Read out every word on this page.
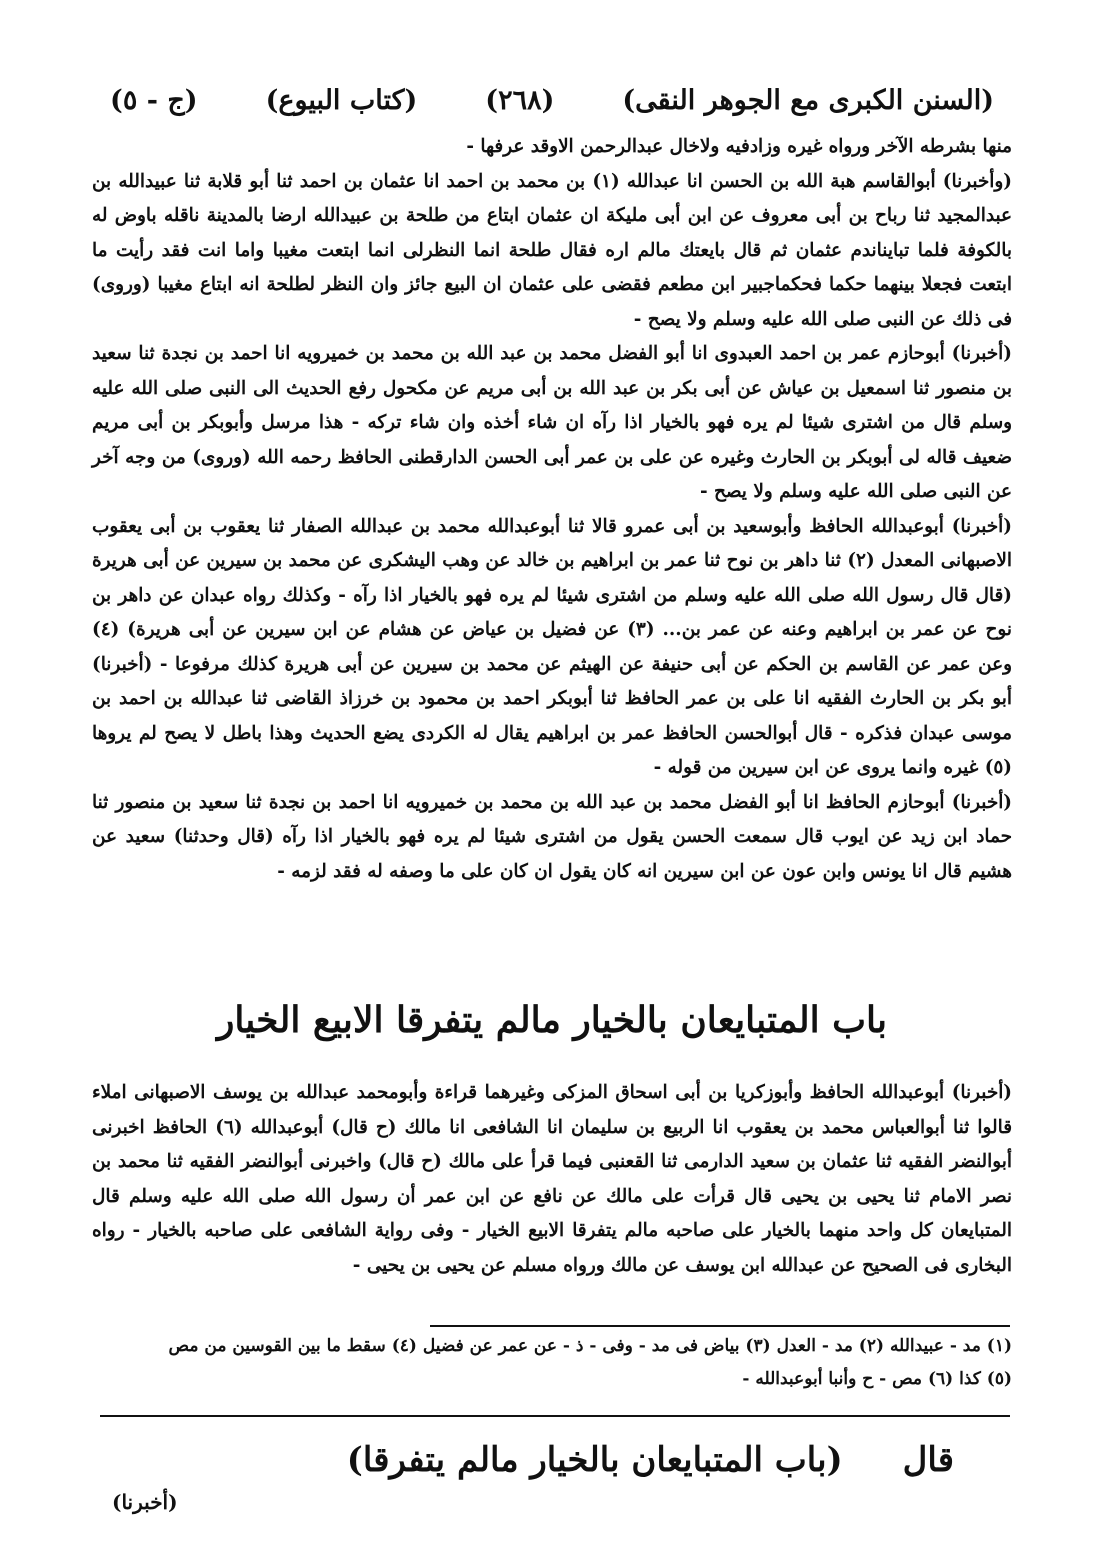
(السنن الكبرى مع الجوهر النقى)
(٢٦٨)
(كتاب البيوع)
(ج - ٥)

منها بشرطه الآخر ورواه غيره وزادفيه ولاخال عبدالرحمن الاوقد عرفها -

(وأخبرنا) أبوالقاسم هبة الله بن الحسن انا عبدالله (١) بن محمد بن احمد انا عثمان بن احمد ثنا أبو قلابة ثنا عبيدالله بن عبدالمجيد ثنا رباح بن أبى معروف عن ابن أبى مليكة ان عثمان ابتاع من طلحة بن عبيدالله ارضا بالمدينة ناقله باوض له بالكوفة فلما تبايناندم عثمان ثم قال بايعتك مالم اره فقال طلحة انما النظرلى انما ابتعت مغيبا واما انت فقد رأيت ما ابتعت فجعلا بينهما حكما فحكماجبير ابن مطعم فقضى على عثمان ان البيع جائز وان النظر لطلحة انه ابتاع مغيبا (وروى) فى ذلك عن النبى صلى الله عليه وسلم ولا يصح -

(أخبرنا) أبوحازم عمر بن احمد العبدوى انا أبو الفضل محمد بن عبد الله بن محمد بن خميرويه انا احمد بن نجدة ثنا سعيد بن منصور ثنا اسمعيل بن عياش عن أبى بكر بن عبد الله بن أبى مريم عن مكحول رفع الحديث الى النبى صلى الله عليه وسلم قال من اشترى شيئا لم يره فهو بالخيار اذا رآه ان شاء أخذه وان شاء تركه - هذا مرسل وأبوبكر بن أبى مريم ضعيف قاله لى أبوبكر بن الحارث وغيره عن على بن عمر أبى الحسن الدارقطنى الحافظ رحمه الله (وروى) من وجه آخر عن النبى صلى الله عليه وسلم ولا يصح -

(أخبرنا) أبوعبدالله الحافظ وأبوسعيد بن أبى عمرو قالا ثنا أبوعبدالله محمد بن عبدالله الصفار ثنا يعقوب بن أبى يعقوب الاصبهانى المعدل (٢) ثنا داهر بن نوح ثنا عمر بن ابراهيم بن خالد عن وهب اليشكرى عن محمد بن سيرين عن أبى هريرة (قال قال رسول الله صلى الله عليه وسلم من اشترى شيئا لم يره فهو بالخيار اذا رآه - وكذلك رواه عبدان عن داهر بن نوح عن عمر بن ابراهيم وعنه عن عمر بن... (٣) عن فضيل بن عياض عن هشام عن ابن سيرين عن أبى هريرة) (٤) وعن عمر عن القاسم بن الحكم عن أبى حنيفة عن الهيثم عن محمد بن سيرين عن أبى هريرة كذلك مرفوعا - (أخبرنا) أبو بكر بن الحارث الفقيه انا على بن عمر الحافظ ثنا أبوبكر احمد بن محمود بن خرزاذ القاضى ثنا عبدالله بن احمد بن موسى عبدان فذكره - قال أبوالحسن الحافظ عمر بن ابراهيم يقال له الكردى يضع الحديث وهذا باطل لا يصح لم يروها (٥) غيره وانما يروى عن ابن سيرين من قوله -

(أخبرنا) أبوحازم الحافظ انا أبو الفضل محمد بن عبد الله بن محمد بن خميرويه انا احمد بن نجدة ثنا سعيد بن منصور ثنا حماد ابن زيد عن ايوب قال سمعت الحسن يقول من اشترى شيئا لم يره فهو بالخيار اذا رآه (قال وحدثنا) سعيد عن هشيم قال انا يونس وابن عون عن ابن سيرين انه كان يقول ان كان على ما وصفه له فقد لزمه -

باب المتبايعان بالخيار مالم يتفرقا الابيع الخيار

(أخبرنا) أبوعبدالله الحافظ وأبوزكريا بن أبى اسحاق المزكى وغيرهما قراءة وأبومحمد عبدالله بن يوسف الاصبهانى املاء قالوا ثنا أبوالعباس محمد بن يعقوب انا الربيع بن سليمان انا الشافعى انا مالك (ح قال) أبوعبدالله (٦) الحافظ اخبرنى أبوالنضر الفقيه ثنا عثمان بن سعيد الدارمى ثنا القعنبى فيما قرأ على مالك (ح قال) واخبرنى أبوالنضر الفقيه ثنا محمد بن نصر الامام ثنا يحيى بن يحيى قال قرأت على مالك عن نافع عن ابن عمر أن رسول الله صلى الله عليه وسلم قال المتبايعان كل واحد منهما بالخيار على صاحبه مالم يتفرقا الابيع الخيار - وفى رواية الشافعى على صاحبه بالخيار - رواه البخارى فى الصحيح عن عبدالله ابن يوسف عن مالك ورواه مسلم عن يحيى بن يحيى -

(١) مد - عبيدالله (٢) مد - العدل (٣) بياض فى مد - وفى - ذ - عن عمر عن فضيل (٤) سقط ما بين القوسين من مص

(٥) كذا (٦) مص - ح وأنبا أبوعبدالله -

قال
(باب المتبايعان بالخيار مالم يتفرقا)
(أخبرنا)
